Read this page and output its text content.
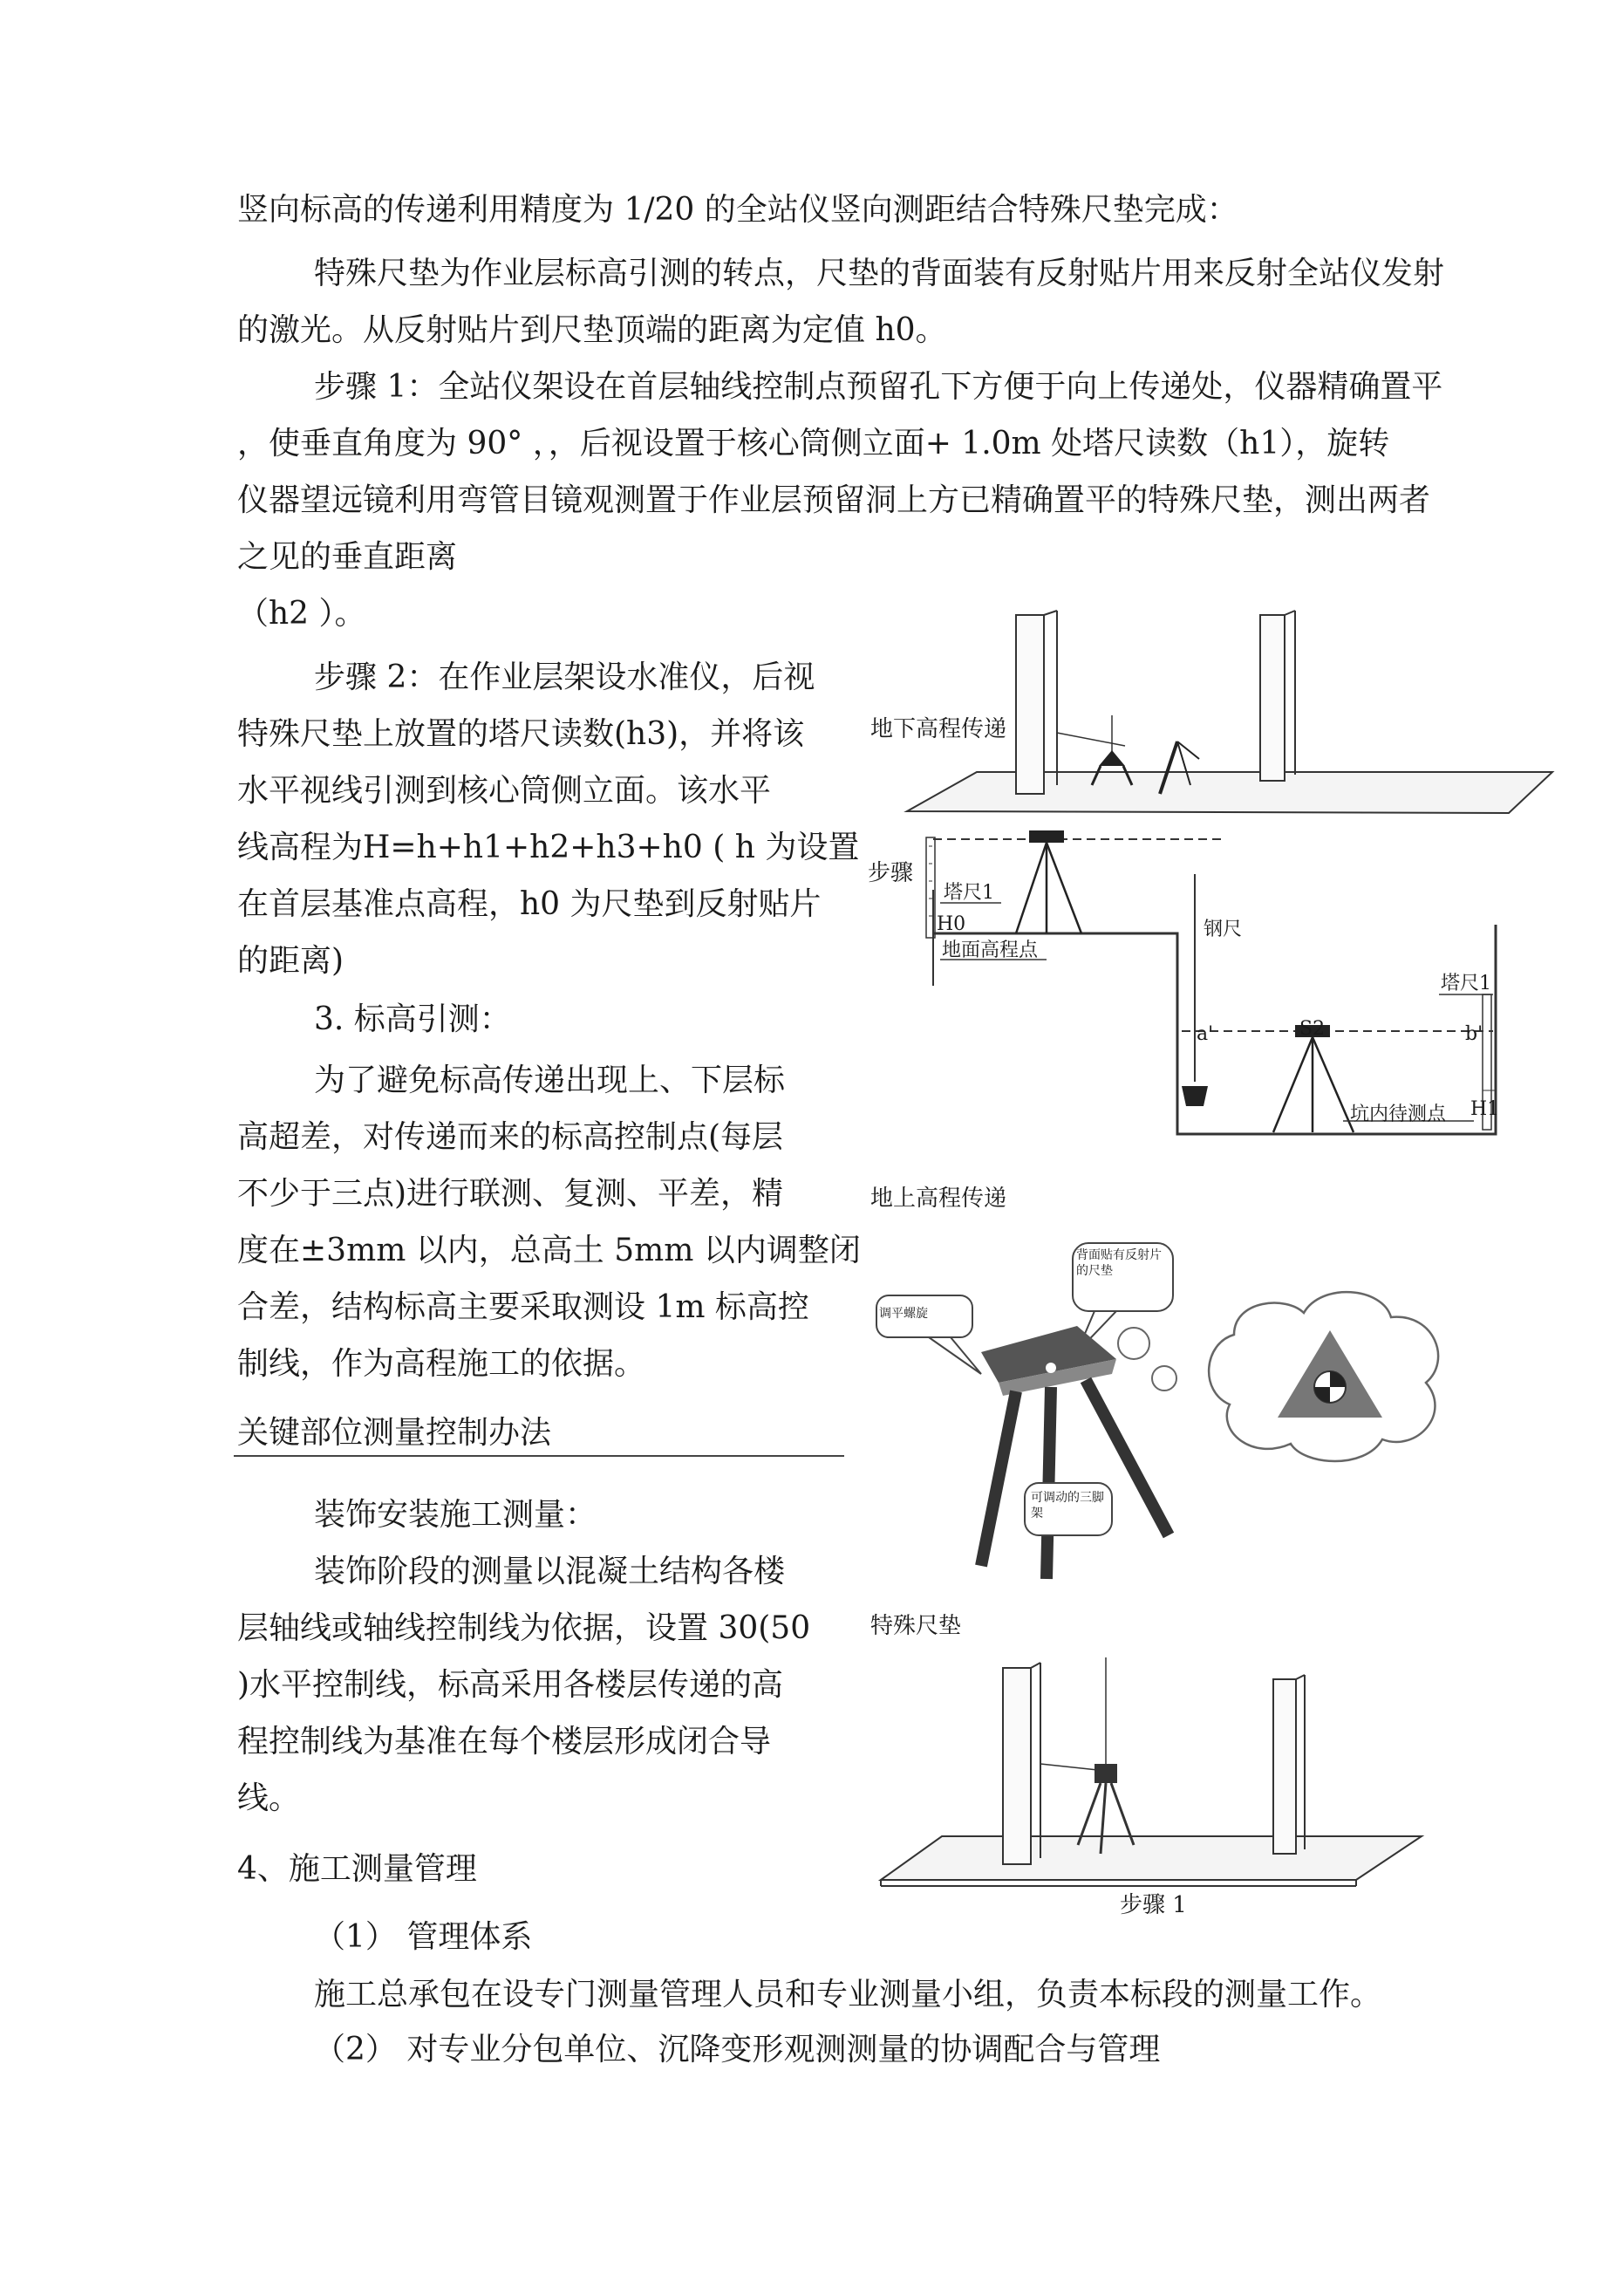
竖向标高的传递利用精度为 1/20 的全站仪竖向测距结合特殊尺垫完成：
特殊尺垫为作业层标高引测的转点，尺垫的背面装有反射贴片用来反射全站仪发射
的激光。从反射贴片到尺垫顶端的距离为定值 h0。
步骤 1：全站仪架设在首层轴线控制点预留孔下方便于向上传递处，仪器精确置平
，使垂直角度为 90° ，，后视设置于核心筒侧立面+ 1.0m 处塔尺读数（h1），旋转
仪器望远镜利用弯管目镜观测置于作业层预留洞上方已精确置平的特殊尺垫，测出两者
之见的垂直距离
（h2 ）。
步骤 2：在作业层架设水准仪，后视
特殊尺垫上放置的塔尺读数(h3)，并将该
水平视线引测到核心筒侧立面。该水平
线高程为H=h+h1+h2+h3+h0 ( h 为设置
在首层基准点高程，h0 为尺垫到反射贴片
的距离)
3. 标高引测：
为了避免标高传递出现上、下层标
高超差，对传递而来的标高控制点(每层
不少于三点)进行联测、复测、平差，精
度在±3mm 以内，总高土 5mm 以内调整闭
合差，结构标高主要采取测设 1m 标高控
制线，作为高程施工的依据。
关键部位测量控制办法
装饰安装施工测量：
装饰阶段的测量以混凝土结构各楼
层轴线或轴线控制线为依据，设置 30(50
)水平控制线，标高采用各楼层传递的高
程控制线为基准在每个楼层形成闭合导
线。
4、施工测量管理
（1） 管理体系
施工总承包在设专门测量管理人员和专业测量小组，负责本标段的测量工作。
（2） 对专业分包单位、沉降变形观测测量的协调配合与管理
地下高程传递
步骤
塔尺1
H0
地面高程点
钢尺
塔尺1
a'	S2	b'
坑内待测点 H1
地上高程传递
调平螺旋
背面贴有反射片的尺垫
可调动的三脚架
特殊尺垫
步骤 1
